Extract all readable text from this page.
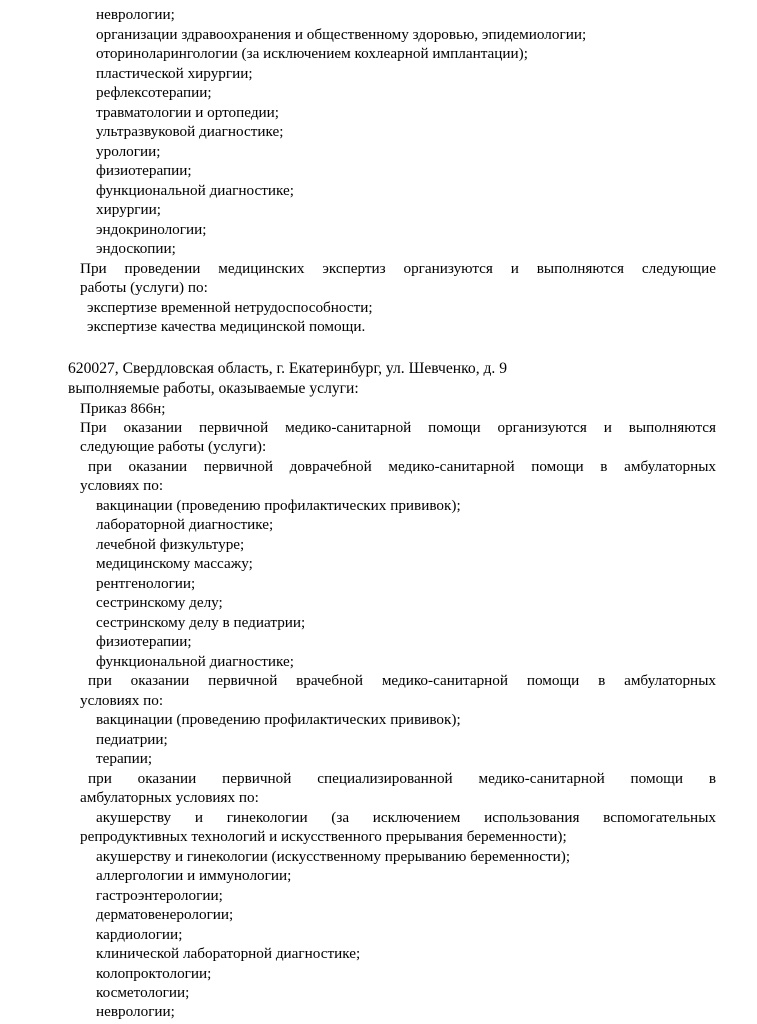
неврологии;
организации здравоохранения и общественному здоровью, эпидемиологии;
оториноларингологии (за исключением кохлеарной имплантации);
пластической хирургии;
рефлексотерапии;
травматологии и ортопедии;
ультразвуковой диагностике;
урологии;
физиотерапии;
функциональной диагностике;
хирургии;
эндокринологии;
эндоскопии;
При проведении медицинских экспертиз организуются и выполняются следующие
работы (услуги) по:
экспертизе временной нетрудоспособности;
экспертизе качества медицинской помощи.
620027, Свердловская область, г. Екатеринбург, ул. Шевченко, д. 9
выполняемые работы, оказываемые услуги:
Приказ 866н;
При оказании первичной медико-санитарной помощи организуются и выполняются
следующие работы (услуги):
при оказании первичной доврачебной медико-санитарной помощи в амбулаторных
условиях по:
вакцинации (проведению профилактических прививок);
лабораторной диагностике;
лечебной физкультуре;
медицинскому массажу;
рентгенологии;
сестринскому делу;
сестринскому делу в педиатрии;
физиотерапии;
функциональной диагностике;
при оказании первичной врачебной медико-санитарной помощи в амбулаторных
условиях по:
вакцинации (проведению профилактических прививок);
педиатрии;
терапии;
при оказании первичной специализированной медико-санитарной помощи в
амбулаторных условиях по:
акушерству и гинекологии (за исключением использования вспомогательных
репродуктивных технологий и искусственного прерывания беременности);
акушерству и гинекологии (искусственному прерыванию беременности);
аллергологии и иммунологии;
гастроэнтерологии;
дерматовенерологии;
кардиологии;
клинической лабораторной диагностике;
колопроктологии;
косметологии;
неврологии;
